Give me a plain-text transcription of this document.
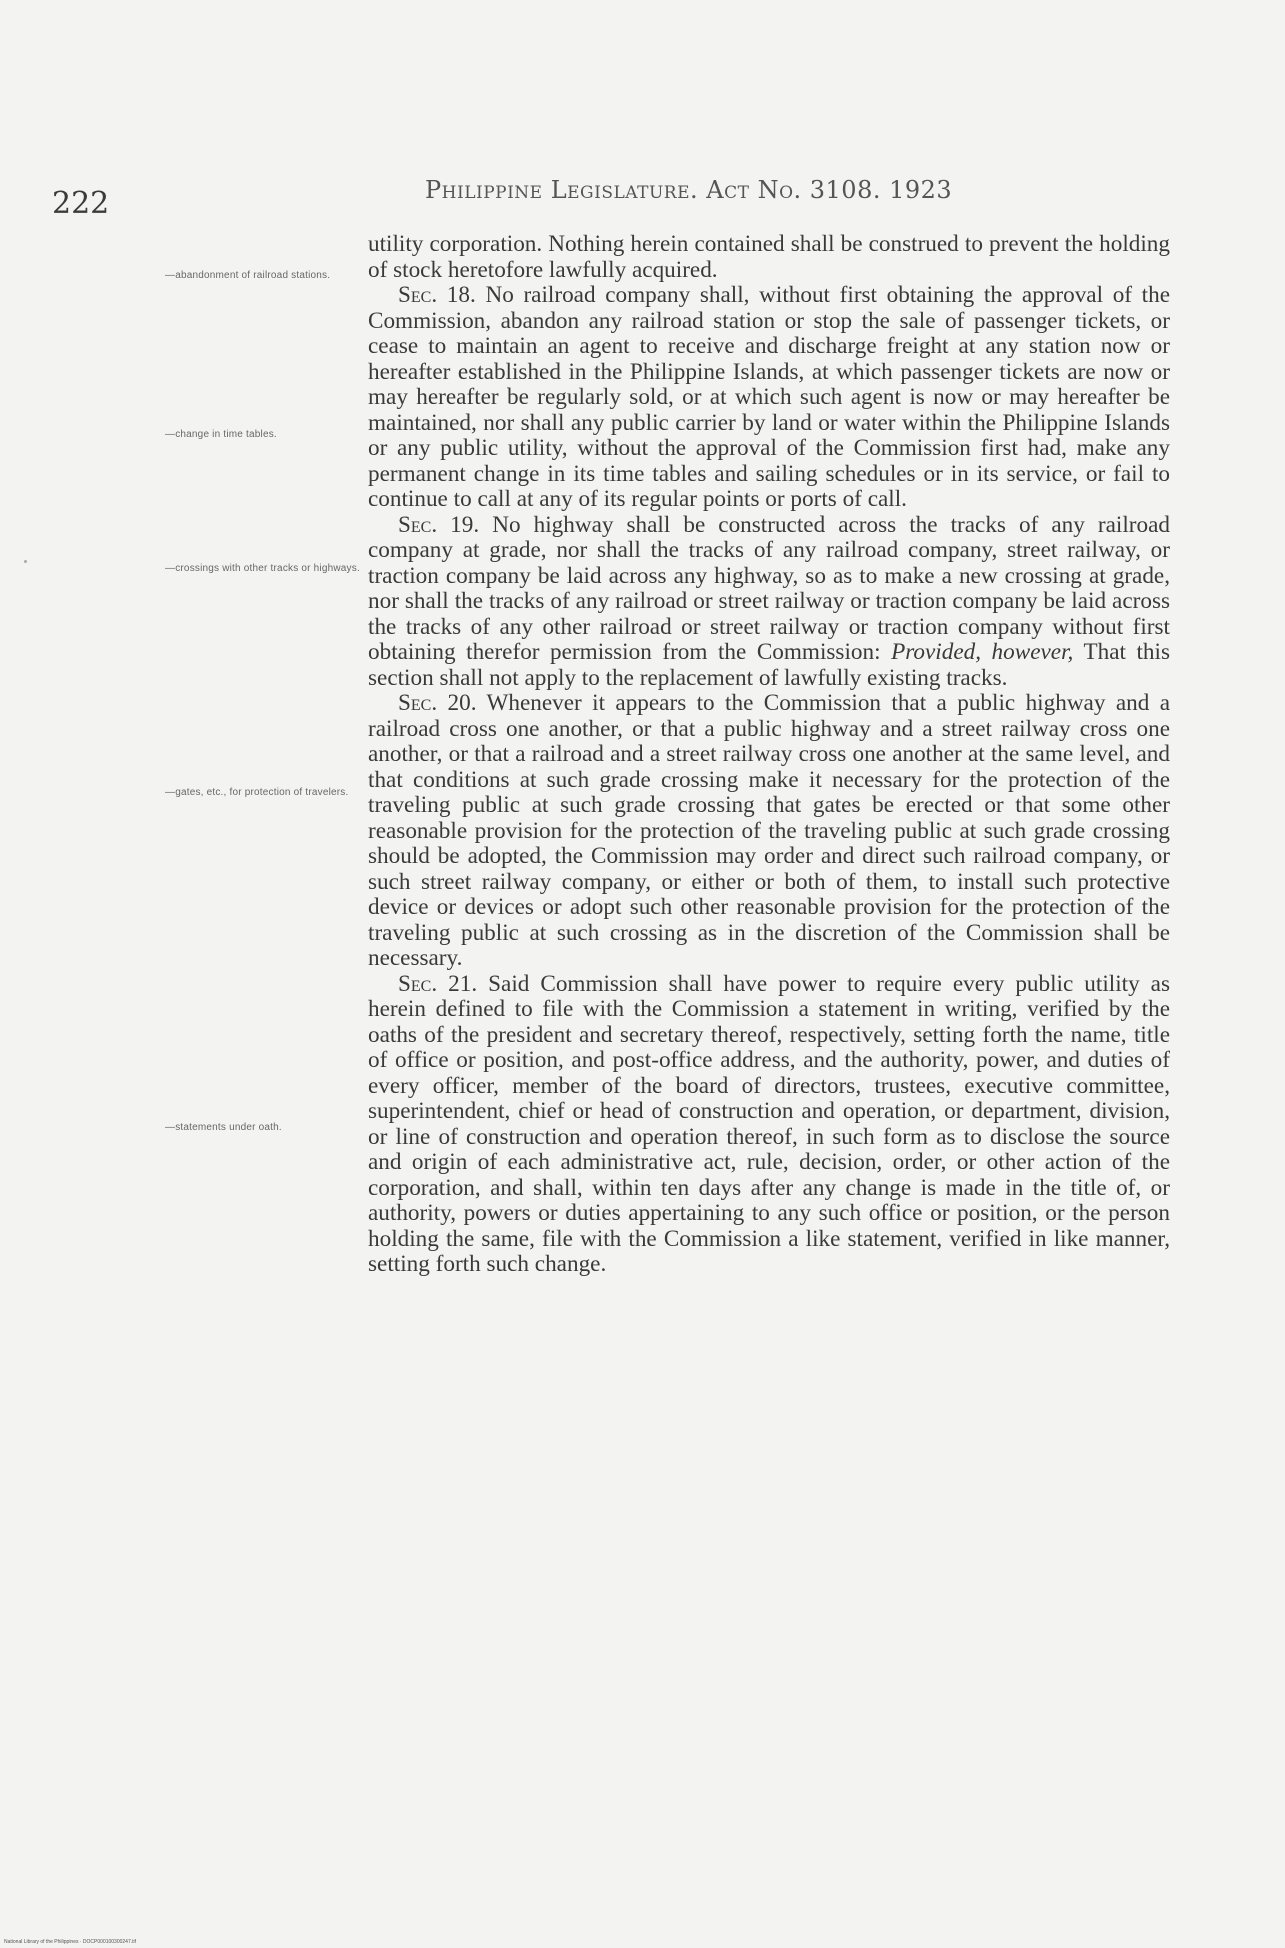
222	Philippine Legislature. Act No. 3108. 1923
—abandonment of railroad stations.
—change in time tables.
—crossings with other tracks or highways.
—gates, etc., for protection of travelers.
—statements under oath.

utility corporation. Nothing herein contained shall be construed to prevent the holding of stock heretofore lawfully acquired.

Sec. 18. No railroad company shall, without first obtaining the approval of the Commission, abandon any railroad station or stop the sale of passenger tickets, or cease to maintain an agent to receive and discharge freight at any station now or hereafter established in the Philippine Islands, at which passenger tickets are now or may hereafter be regularly sold, or at which such agent is now or may hereafter be maintained, nor shall any public carrier by land or water within the Philippine Islands or any public utility, without the approval of the Commission first had, make any permanent change in its time tables and sailing schedules or in its service, or fail to continue to call at any of its regular points or ports of call.

Sec. 19. No highway shall be constructed across the tracks of any railroad company at grade, nor shall the tracks of any railroad company, street railway, or traction company be laid across any highway, so as to make a new crossing at grade, nor shall the tracks of any railroad or street railway or traction company be laid across the tracks of any other railroad or street railway or traction company without first obtaining therefor permission from the Commission: Provided, however, That this section shall not apply to the replacement of lawfully existing tracks.

Sec. 20. Whenever it appears to the Commission that a public highway and a railroad cross one another, or that a public highway and a street railway cross one another, or that a railroad and a street railway cross one another at the same level, and that conditions at such grade crossing make it necessary for the protection of the traveling public at such grade crossing that gates be erected or that some other reasonable provision for the protection of the traveling public at such grade crossing should be adopted, the Commission may order and direct such railroad company, or such street railway company, or either or both of them, to install such protective device or devices or adopt such other reasonable provision for the protection of the traveling public at such crossing as in the discretion of the Commission shall be necessary.

Sec. 21. Said Commission shall have power to require every public utility as herein defined to file with the Commission a statement in writing, verified by the oaths of the president and secretary thereof, respectively, setting forth the name, title of office or position, and post-office address, and the authority, power, and duties of every officer, member of the board of directors, trustees, executive committee, superintendent, chief or head of construction and operation, or department, division, or line of construction and operation thereof, in such form as to disclose the source and origin of each administrative act, rule, decision, order, or other action of the corporation, and shall, within ten days after any change is made in the title of, or authority, powers or duties appertaining to any such office or position, or the person holding the same, file with the Commission a like statement, verified in like manner, setting forth such change.

National Library of the Philippines · DOCP000100300247.tif
